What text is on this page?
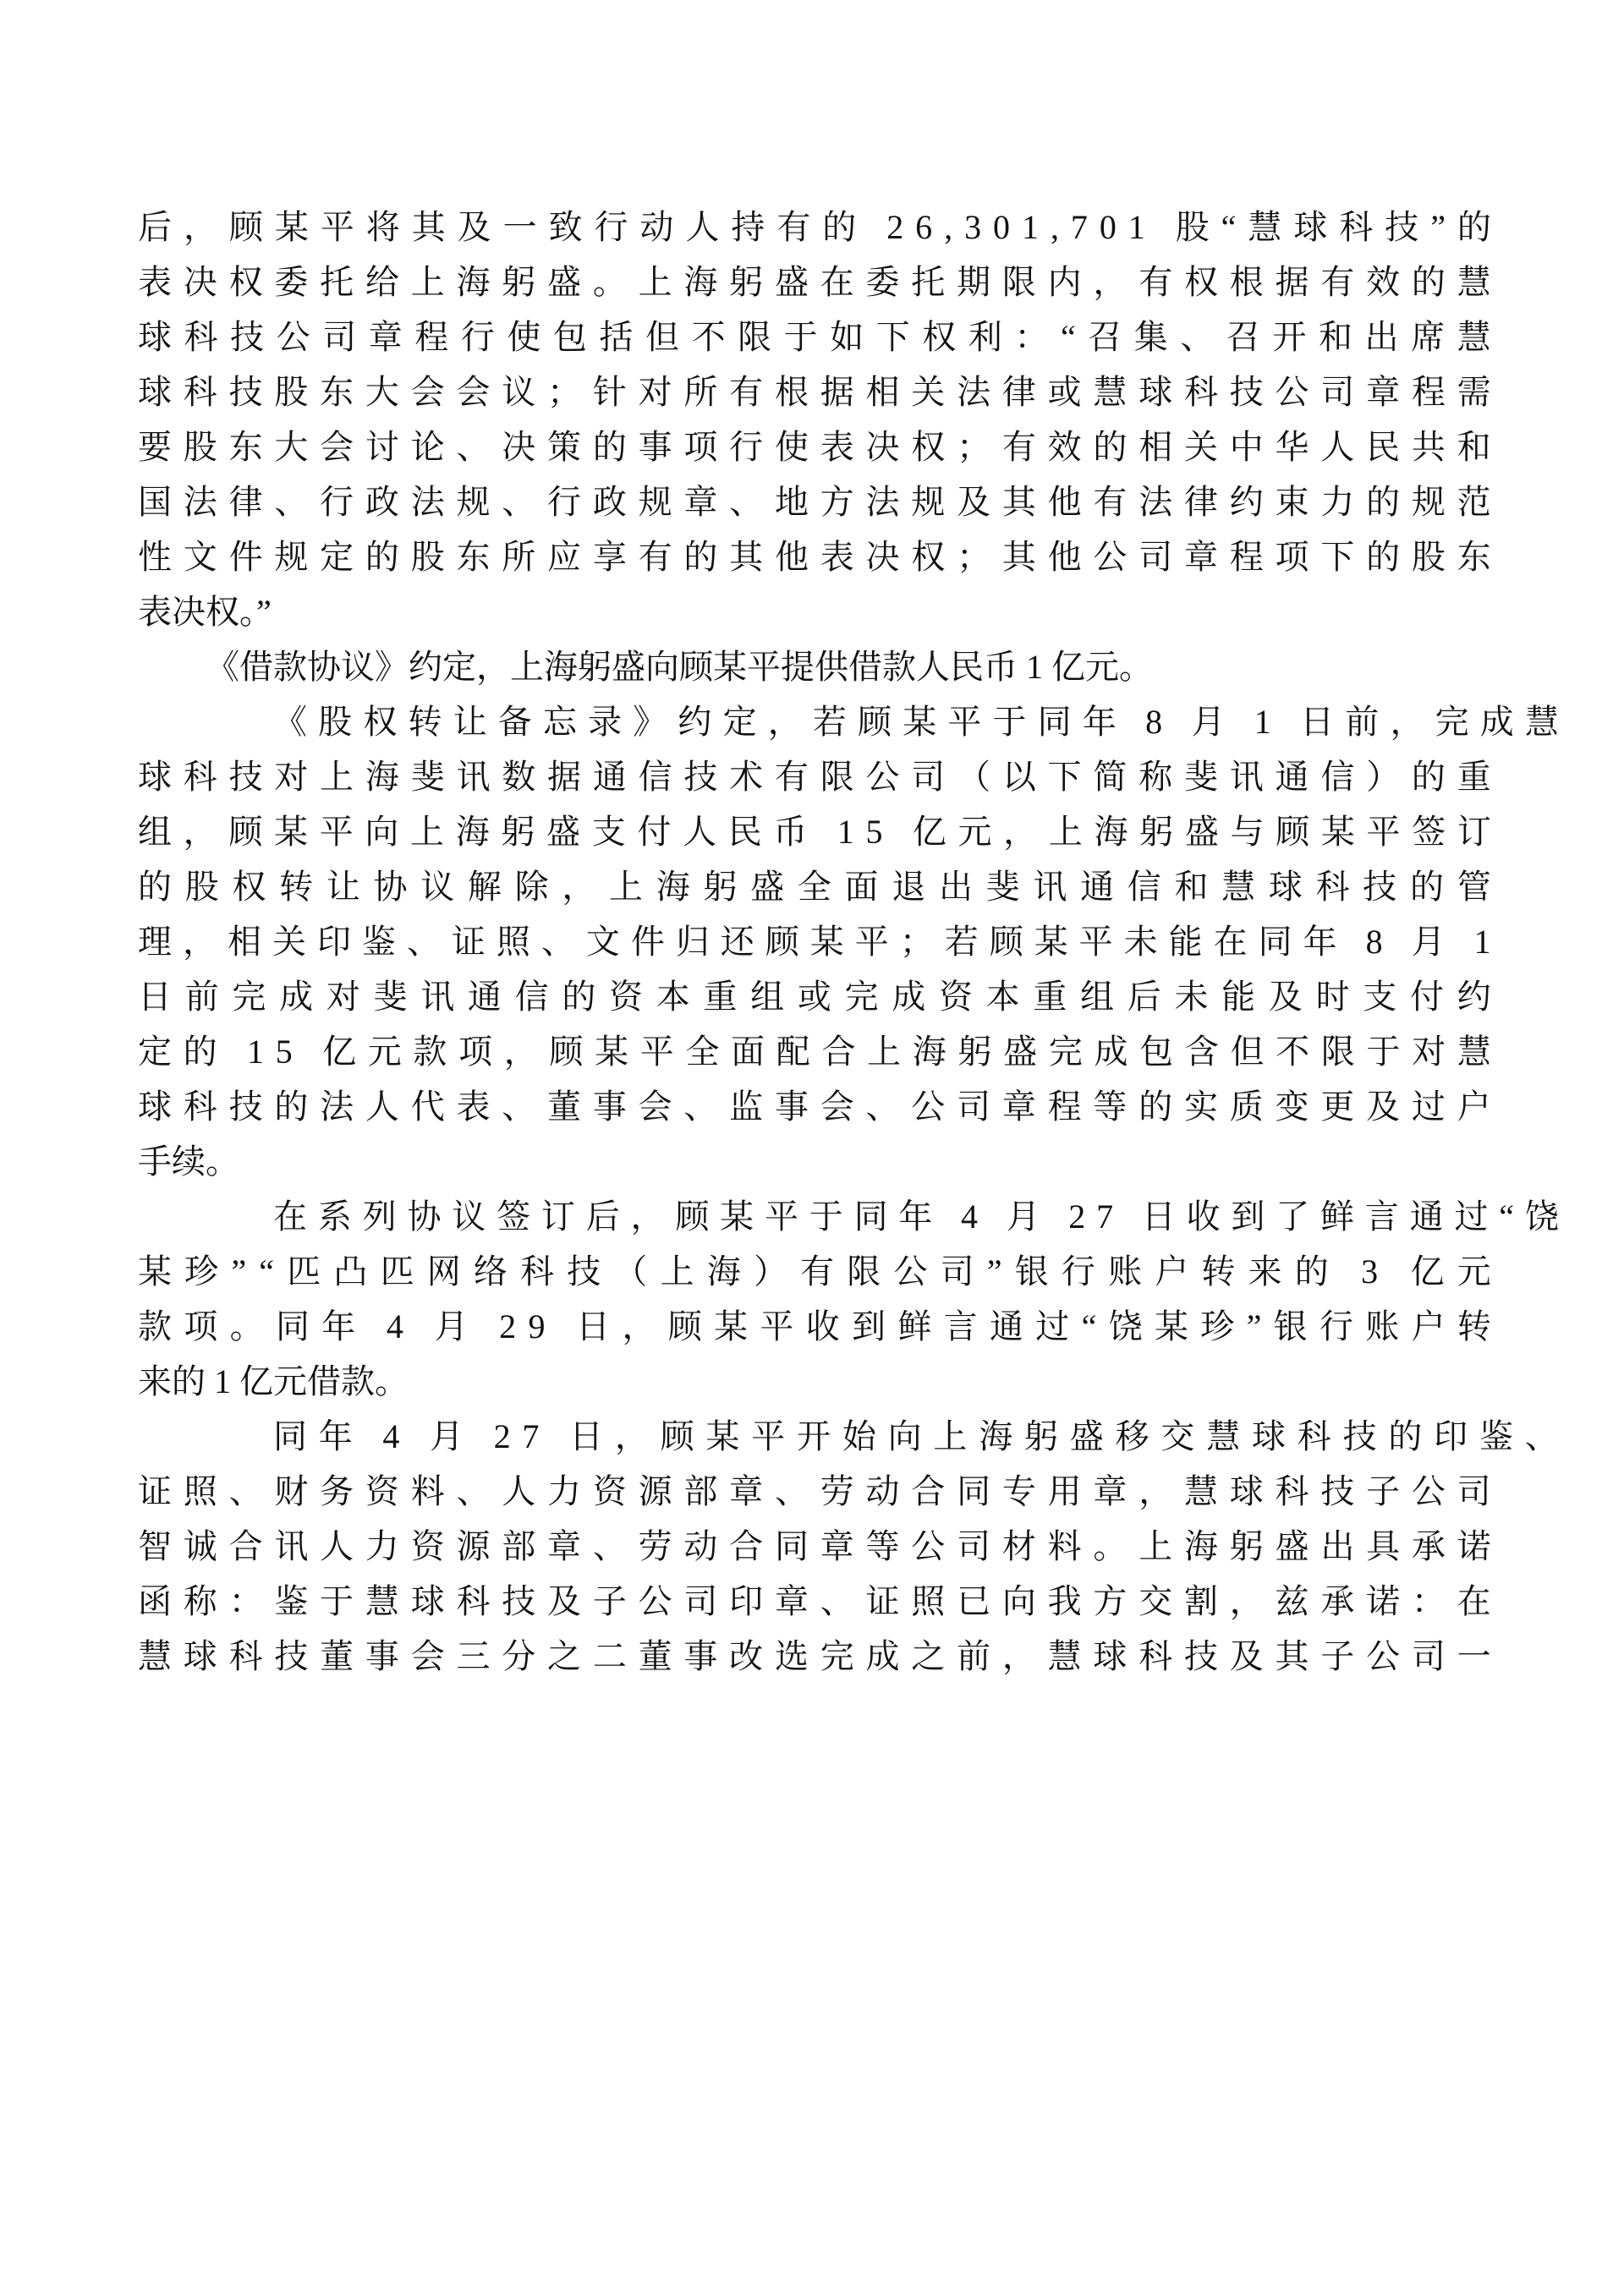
后 ， 顾 某 平 将 其 及 一 致 行 动 人 持 有 的
  2 6 , 3 0 1 , 7 0 1
  股 “ 慧 球 科 技 ” 的
表 决 权 委 托 给 上 海 躬 盛 。 上 海 躬 盛 在 委 托 期 限 内 ， 有 权 根 据 有 效 的 慧
球 科 技 公 司 章 程 行 使 包 括 但 不 限 于 如 下 权 利 ： “ 召 集 、 召 开 和 出 席 慧
球 科 技 股 东 大 会 会 议 ； 针 对 所 有 根 据 相 关 法 律 或 慧 球 科 技 公 司 章 程 需
要 股 东 大 会 讨 论 、 决 策 的 事 项 行 使 表 决 权 ； 有 效 的 相 关 中 华 人 民 共 和
国 法 律 、 行 政 法 规 、 行 政 规 章 、 地 方 法 规 及 其 他 有 法 律 约 束 力 的 规 范
性 文 件 规 定 的 股 东 所 应 享 有 的 其 他 表 决 权 ； 其 他 公 司 章 程 项 下 的 股 东
表决权。”
《借款协议》约定，上海躬盛向顾某平提供借款人民币 1 亿元。
《 股 权 转 让 备 忘 录 》 约 定 ， 若 顾 某 平 于 同 年
  8
  月
  1
  日 前 ， 完 成 慧
球 科 技 对 上 海 斐 讯 数 据 通 信 技 术 有 限 公 司 （ 以 下 简 称 斐 讯 通 信 ） 的 重
组 ， 顾 某 平 向 上 海 躬 盛 支 付 人 民 币
  1 5
  亿 元 ， 上 海 躬 盛 与 顾 某 平 签 订
的 股 权 转 让 协 议 解 除 ， 上 海 躬 盛 全 面 退 出 斐 讯 通 信 和 慧 球 科 技 的 管
理 ， 相 关 印 鉴 、 证 照 、 文 件 归 还 顾 某 平 ； 若 顾 某 平 未 能 在 同 年
  8
  月
  1
日 前 完 成 对 斐 讯 通 信 的 资 本 重 组 或 完 成 资 本 重 组 后 未 能 及 时 支 付 约
定 的
  1 5
  亿 元 款 项 ， 顾 某 平 全 面 配 合 上 海 躬 盛 完 成 包 含 但 不 限 于 对 慧
球 科 技 的 法 人 代 表 、 董 事 会 、 监 事 会 、 公 司 章 程 等 的 实 质 变 更 及 过 户
手续。
在 系 列 协 议 签 订 后 ， 顾 某 平 于 同 年
  4
  月
  2 7
  日 收 到 了 鲜 言 通 过 “ 饶
某 珍 ” “ 匹 凸 匹 网 络 科 技 （ 上 海 ） 有 限 公 司 ” 银 行 账 户 转 来 的
  3
  亿 元
款 项 。 同 年
  4
  月
  2 9
  日 ， 顾 某 平 收 到 鲜 言 通 过 “ 饶 某 珍 ” 银 行 账 户 转
来的 1 亿元借款。
同 年
  4
  月
  2 7
  日 ， 顾 某 平 开 始 向 上 海 躬 盛 移 交 慧 球 科 技 的 印 鉴 、
证 照 、 财 务 资 料 、 人 力 资 源 部 章 、 劳 动 合 同 专 用 章 ， 慧 球 科 技 子 公 司
智 诚 合 讯 人 力 资 源 部 章 、 劳 动 合 同 章 等 公 司 材 料 。 上 海 躬 盛 出 具 承 诺
函 称 ： 鉴 于 慧 球 科 技 及 子 公 司 印 章 、 证 照 已 向 我 方 交 割 ， 兹 承 诺 ： 在
慧 球 科 技 董 事 会 三 分 之 二 董 事 改 选 完 成 之 前 ， 慧 球 科 技 及 其 子 公 司 一
